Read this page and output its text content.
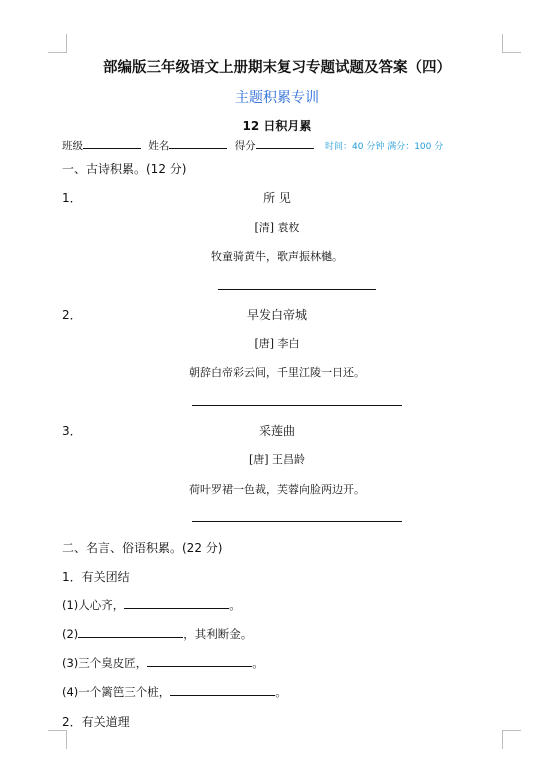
部编版三年级语文上册期末复习专题试题及答案（四）
主题积累专训
12 日积月累
班级	姓名	得分	时间：40 分钟 满分：100 分
一、古诗积累。(12 分)
1．	所 见
[清] 袁枚
牧童骑黄牛，歌声振林樾。
2．	早发白帝城
[唐] 李白
朝辞白帝彩云间，千里江陵一日还。
3．	采莲曲
[唐] 王昌龄
荷叶罗裙一色裁，芙蓉向脸两边开。
二、名言、俗语积累。(22 分)
1．有关团结
(1)人心齐，	。
(2)	，其利断金。
(3)三个臭皮匠，	。
(4)一个篱笆三个桩，	。
2．有关道理
